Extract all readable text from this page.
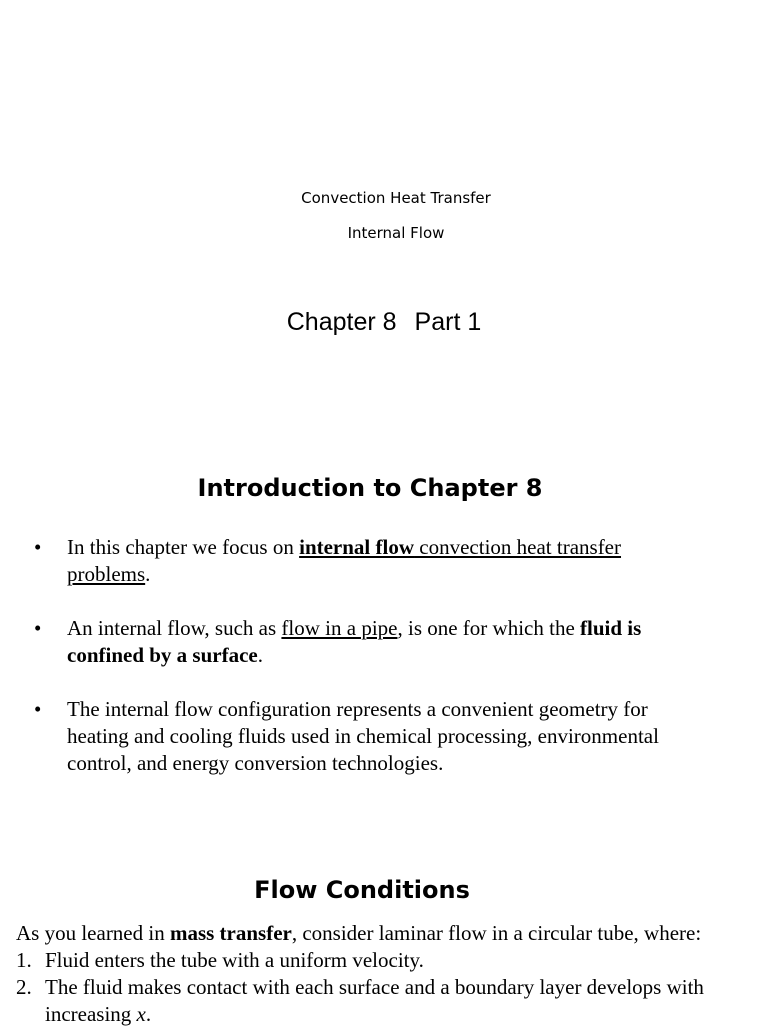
Convection Heat Transfer
Internal Flow
Chapter 8 Part 1
Introduction to Chapter 8
• In this chapter we focus on internal flow convection heat transfer problems.
• An internal flow, such as flow in a pipe, is one for which the fluid is confined by a surface.
• The internal flow configuration represents a convenient geometry for heating and cooling fluids used in chemical processing, environmental control, and energy conversion technologies.
Flow Conditions
As you learned in mass transfer, consider laminar flow in a circular tube, where:
1. Fluid enters the tube with a uniform velocity.
2. The fluid makes contact with each surface and a boundary layer develops with increasing x.
